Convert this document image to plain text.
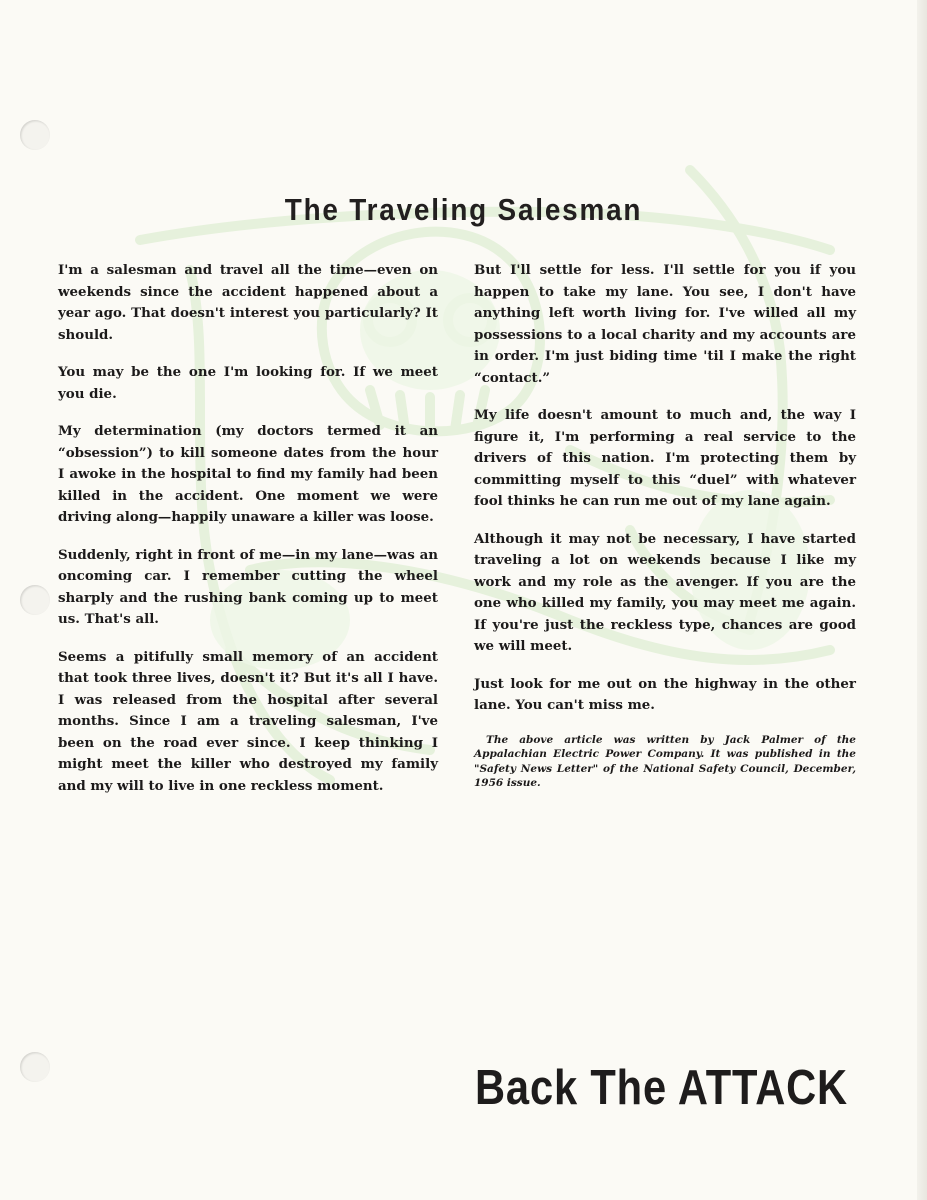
The Traveling Salesman

I'm a salesman and travel all the time—even on weekends since the accident happened about a year ago. That doesn't interest you particularly? It should.

You may be the one I'm looking for. If we meet you die.

My determination (my doctors termed it an “obsession”) to kill someone dates from the hour I awoke in the hospital to find my family had been killed in the accident. One moment we were driving along—happily unaware a killer was loose.

Suddenly, right in front of me—in my lane—was an oncoming car. I remember cutting the wheel sharply and the rushing bank coming up to meet us. That's all.

Seems a pitifully small memory of an accident that took three lives, doesn't it? But it's all I have. I was released from the hospital after several months. Since I am a traveling salesman, I've been on the road ever since. I keep thinking I might meet the killer who destroyed my family and my will to live in one reckless moment.

But I'll settle for less. I'll settle for you if you happen to take my lane. You see, I don't have anything left worth living for. I've willed all my possessions to a local charity and my accounts are in order. I'm just biding time 'til I make the right “contact.”

My life doesn't amount to much and, the way I figure it, I'm performing a real service to the drivers of this nation. I'm protecting them by committing myself to this “duel” with whatever fool thinks he can run me out of my lane again.

Although it may not be necessary, I have started traveling a lot on weekends because I like my work and my role as the avenger. If you are the one who killed my family, you may meet me again. If you're just the reckless type, chances are good we will meet.

Just look for me out on the highway in the other lane. You can't miss me.

The above article was written by Jack Palmer of the Appalachian Electric Power Company. It was published in the "Safety News Letter" of the National Safety Council, December, 1956 issue.

Back The ATTACK
